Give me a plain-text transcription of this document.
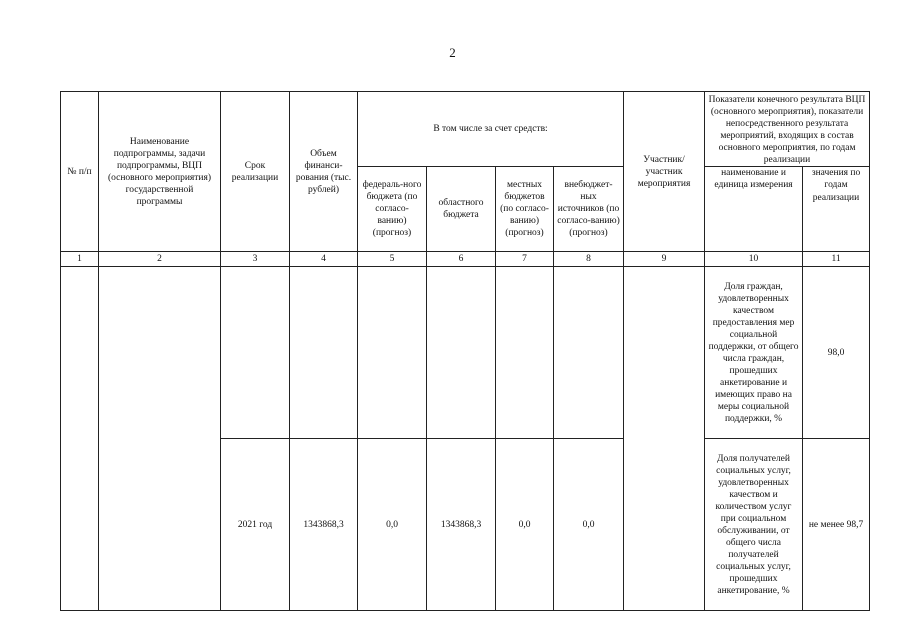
2
№ п/п	Наименование подпрограммы, задачи подпрограммы, ВЦП (основного мероприятия) государственной программы	Срок реализации	Объем финанси-рования (тыс. рублей)	В том числе за счет средств:				Участник/ участник мероприятия	Показатели конечного результата ВЦП (основного мероприятия), показатели непосредственного результата мероприятий, входящих в состав основного мероприятия, по годам реализации	
				федераль-ного бюджета (по согласо-ванию) (прогноз)	областного бюджета	местных бюджетов (по согласо-ванию) (прогноз)	внебюджет-ных источников (по согласо-ванию) (прогноз)		наименование и единица измерения	значения по годам реализации
1	2	3	4	5	6	7	8	9	10	11
									Доля граждан, удовлетворенных качеством предоставления мер социальной поддержки, от общего числа граждан, прошедших анкетирование и имеющих право на меры социальной поддержки, %	98,0
		2021 год	1343868,3	0,0	1343868,3	0,0	0,0		Доля получателей социальных услуг, удовлетворенных качеством и количеством услуг при социальном обслуживании, от общего числа получателей социальных услуг, прошедших анкетирование, %	не менее 98,7
